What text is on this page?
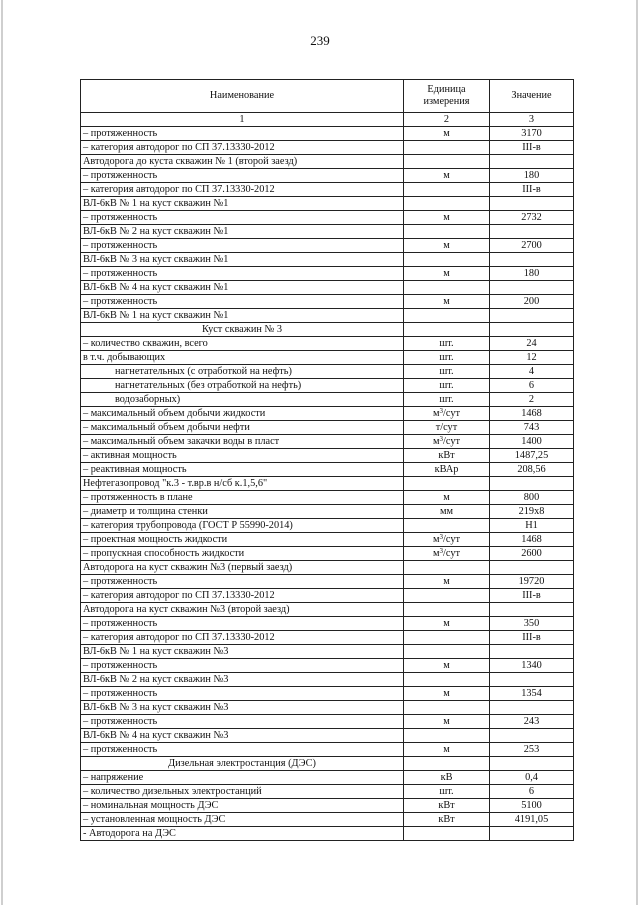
239
Наименование	Единица измерения	Значение
1	2	3
– протяженность	м	3170
– категория автодорог по СП 37.13330-2012		III-в
Автодорога до куста скважин № 1 (второй заезд)		
– протяженность	м	180
– категория автодорог по СП 37.13330-2012		III-в
ВЛ-6кВ № 1 на куст скважин №1		
– протяженность	м	2732
ВЛ-6кВ № 2 на куст скважин №1		
– протяженность	м	2700
ВЛ-6кВ № 3 на куст скважин №1		
– протяженность	м	180
ВЛ-6кВ № 4 на куст скважин №1		
– протяженность	м	200
ВЛ-6кВ № 1 на куст скважин №1		
Куст скважин № 3		
– количество скважин, всего	шт.	24
в т.ч. добывающих	шт.	12
нагнетательных (с отработкой на нефть)	шт.	4
нагнетательных (без отработкой на нефть)	шт.	6
водозаборных)	шт.	2
– максимальный объем добычи жидкости	$м^3$/сут	1468
– максимальный объем добычи нефти	т/сут	743
– максимальный объем закачки воды в пласт	$м^3$/сут	1400
– активная мощность	кВт	1487,25
– реактивная мощность	кВАр	208,56
Нефтегазопровод "к.3 - т.вр.в н/сб к.1,5,6"		
– протяженность в плане	м	800
– диаметр и толщина стенки	мм	219х8
– категория трубопровода (ГОСТ Р 55990-2014)		Н1
– проектная мощность жидкости	$м^3$/сут	1468
– пропускная способность жидкости	$м^3$/сут	2600
Автодорога на куст скважин №3 (первый заезд)		
– протяженность	м	19720
– категория автодорог по СП 37.13330-2012		III-в
Автодорога на куст скважин №3 (второй заезд)		
– протяженность	м	350
– категория автодорог по СП 37.13330-2012		III-в
ВЛ-6кВ № 1 на куст скважин №3		
– протяженность	м	1340
ВЛ-6кВ № 2 на куст скважин №3		
– протяженность	м	1354
ВЛ-6кВ № 3 на куст скважин №3		
– протяженность	м	243
ВЛ-6кВ № 4 на куст скважин №3		
– протяженность	м	253
Дизельная электростанция (ДЭС)		
– напряжение	кВ	0,4
– количество дизельных электростанций	шт.	6
– номинальная мощность ДЭС	кВт	5100
– установленная мощность ДЭС	кВт	4191,05
- Автодорога на ДЭС		
